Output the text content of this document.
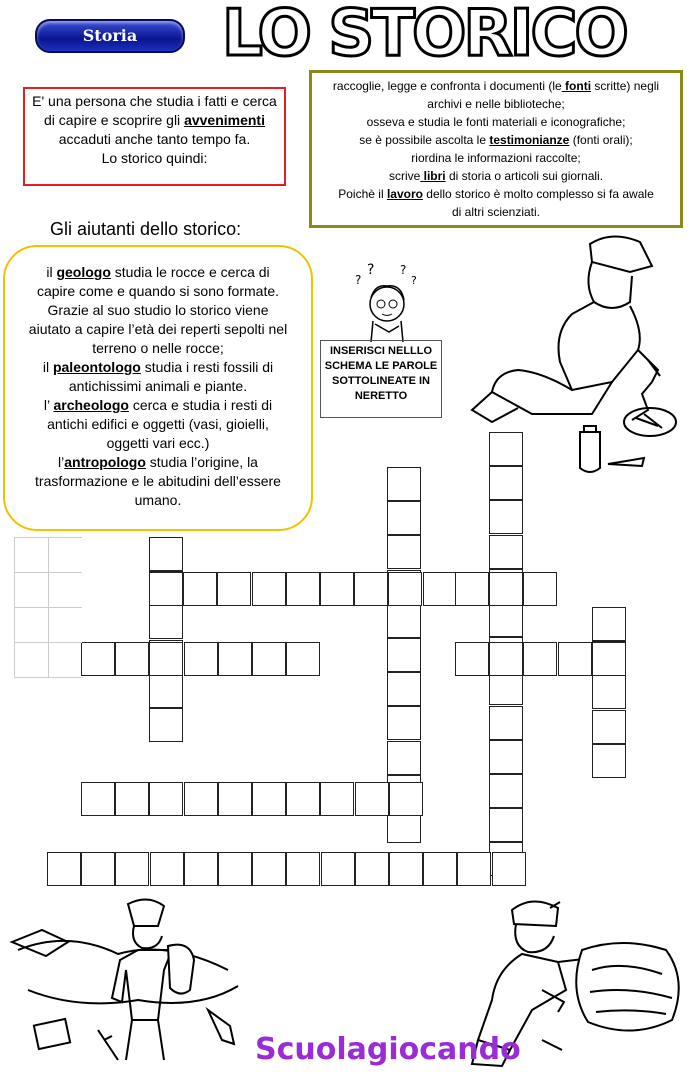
Storia	LO STORICO
E' una persona che studia i fatti e cerca
di capire e scoprire gli avvenimenti
accaduti anche tanto tempo fa.
Lo storico quindi:
raccoglie, legge e confronta i documenti (le fonti scritte) negli
archivi e nelle biblioteche;
osseva e studia le fonti materiali e iconografiche;
se è possibile ascolta le testimonianze (fonti orali);
riordina le informazioni raccolte;
scrive libri di storia o articoli sui giornali.
Poichè il lavoro dello storico è molto complesso si fa awale
di altri scienziati.
Gli aiutanti dello storico:
il geologo studia le rocce e cerca di
capire come e quando si sono formate.
Grazie al suo studio lo storico viene
aiutato a capire l’età dei reperti sepolti nel
terreno o nelle rocce;
il paleontologo studia i resti fossili di
antichissimi animali e piante.
l’ archeologo cerca e studia i resti di
antichi edifici e oggetti (vasi, gioielli,
oggetti vari ecc.)
l’antropologo studia l’origine, la
trasformazione e le abitudini dell’essere
umano.
?
? ?
?
INSERISCI NELLLO
SCHEMA LE PAROLE
SOTTOLINEATE IN
NERETTO
Scuolagiocando
